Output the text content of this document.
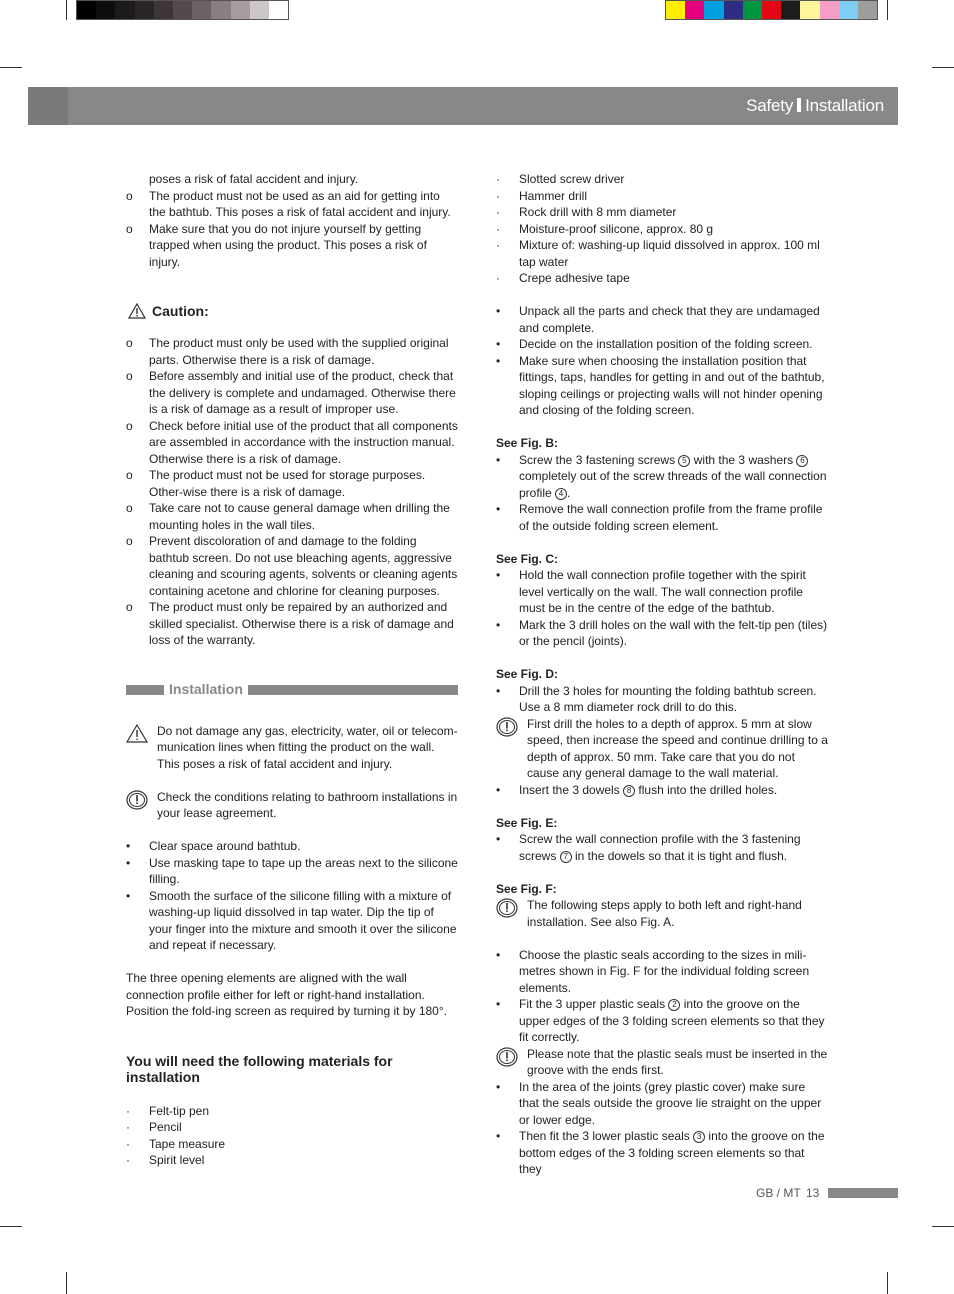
Safety Installation
poses a risk of fatal accident and injury.
o	The product must not be used as an aid for getting into the bathtub. This poses a risk of fatal accident and injury.
o	Make sure that you do not injure yourself by getting trapped when using the product. This poses a risk of injury.
Caution:
o	The product must only be used with the supplied original parts. Otherwise there is a risk of damage.
o	Before assembly and initial use of the product, check that the delivery is complete and undamaged. Otherwise there is a risk of damage as a result of improper use.
o	Check before initial use of the product that all components are assembled in accordance with the instruction manual. Otherwise there is a risk of damage.
o	The product must not be used for storage purposes. Other-wise there is a risk of damage.
o	Take care not to cause general damage when drilling the mounting holes in the wall tiles.
o	Prevent discoloration of and damage to the folding bathtub screen. Do not use bleaching agents, aggressive cleaning and scouring agents, solvents or cleaning agents containing acetone and chlorine for cleaning purposes.
o	The product must only be repaired by an authorized and skilled specialist. Otherwise there is a risk of damage and loss of the warranty.
Installation
Do not damage any gas, electricity, water, oil or telecom-munication lines when fitting the product on the wall. This poses a risk of fatal accident and injury.
Check the conditions relating to bathroom installations in your lease agreement.
•	Clear space around bathtub.
•	Use masking tape to tape up the areas next to the silicone filling.
•	Smooth the surface of the silicone filling with a mixture of washing-up liquid dissolved in tap water. Dip the tip of your finger into the mixture and smooth it over the silicone and repeat if necessary.
The three opening elements are aligned with the wall connection profile either for left or right-hand installation. Position the fold-ing screen as required by turning it by 180°.
You will need the following materials for installation
·	Felt-tip pen
·	Pencil
·	Tape measure
·	Spirit level
·	Slotted screw driver
·	Hammer drill
·	Rock drill with 8 mm diameter
·	Moisture-proof silicone, approx. 80 g
·	Mixture of: washing-up liquid dissolved in approx. 100 ml tap water
·	Crepe adhesive tape
•	Unpack all the parts and check that they are undamaged and complete.
•	Decide on the installation position of the folding screen.
•	Make sure when choosing the installation position that fittings, taps, handles for getting in and out of the bathtub, sloping ceilings or projecting walls will not hinder opening and closing of the folding screen.
See Fig. B:
•	Screw the 3 fastening screws 5 with the 3 washers 6 completely out of the screw threads of the wall connection profile 4 .
•	Remove the wall connection profile from the frame profile of the outside folding screen element.
See Fig. C:
•	Hold the wall connection profile together with the spirit level vertically on the wall. The wall connection profile must be in the centre of the edge of the bathtub.
•	Mark the 3 drill holes on the wall with the felt-tip pen (tiles) or the pencil (joints).
See Fig. D:
•	Drill the 3 holes for mounting the folding bathtub screen. Use a 8 mm diameter rock drill to do this.
First drill the holes to a depth of approx. 5 mm at slow speed, then increase the speed and continue drilling to a depth of approx. 50 mm. Take care that you do not cause any general damage to the wall material.
•	Insert the 3 dowels 8 flush into the drilled holes.
See Fig. E:
•	Screw the wall connection profile with the 3 fastening screws 7 in the dowels so that it is tight and flush.
See Fig. F:
The following steps apply to both left and right-hand installation. See also Fig. A.
•	Choose the plastic seals according to the sizes in mili-metres shown in Fig. F for the individual folding screen elements.
•	Fit the 3 upper plastic seals 2 into the groove on the upper edges of the 3 folding screen elements so that they fit correctly.
Please note that the plastic seals must be inserted in the groove with the ends first.
•	In the area of the joints (grey plastic cover) make sure that the seals outside the groove lie straight on the upper or lower edge.
•	Then fit the 3 lower plastic seals 3 into the groove on the bottom edges of the 3 folding screen elements so that they
GB / MT 13
